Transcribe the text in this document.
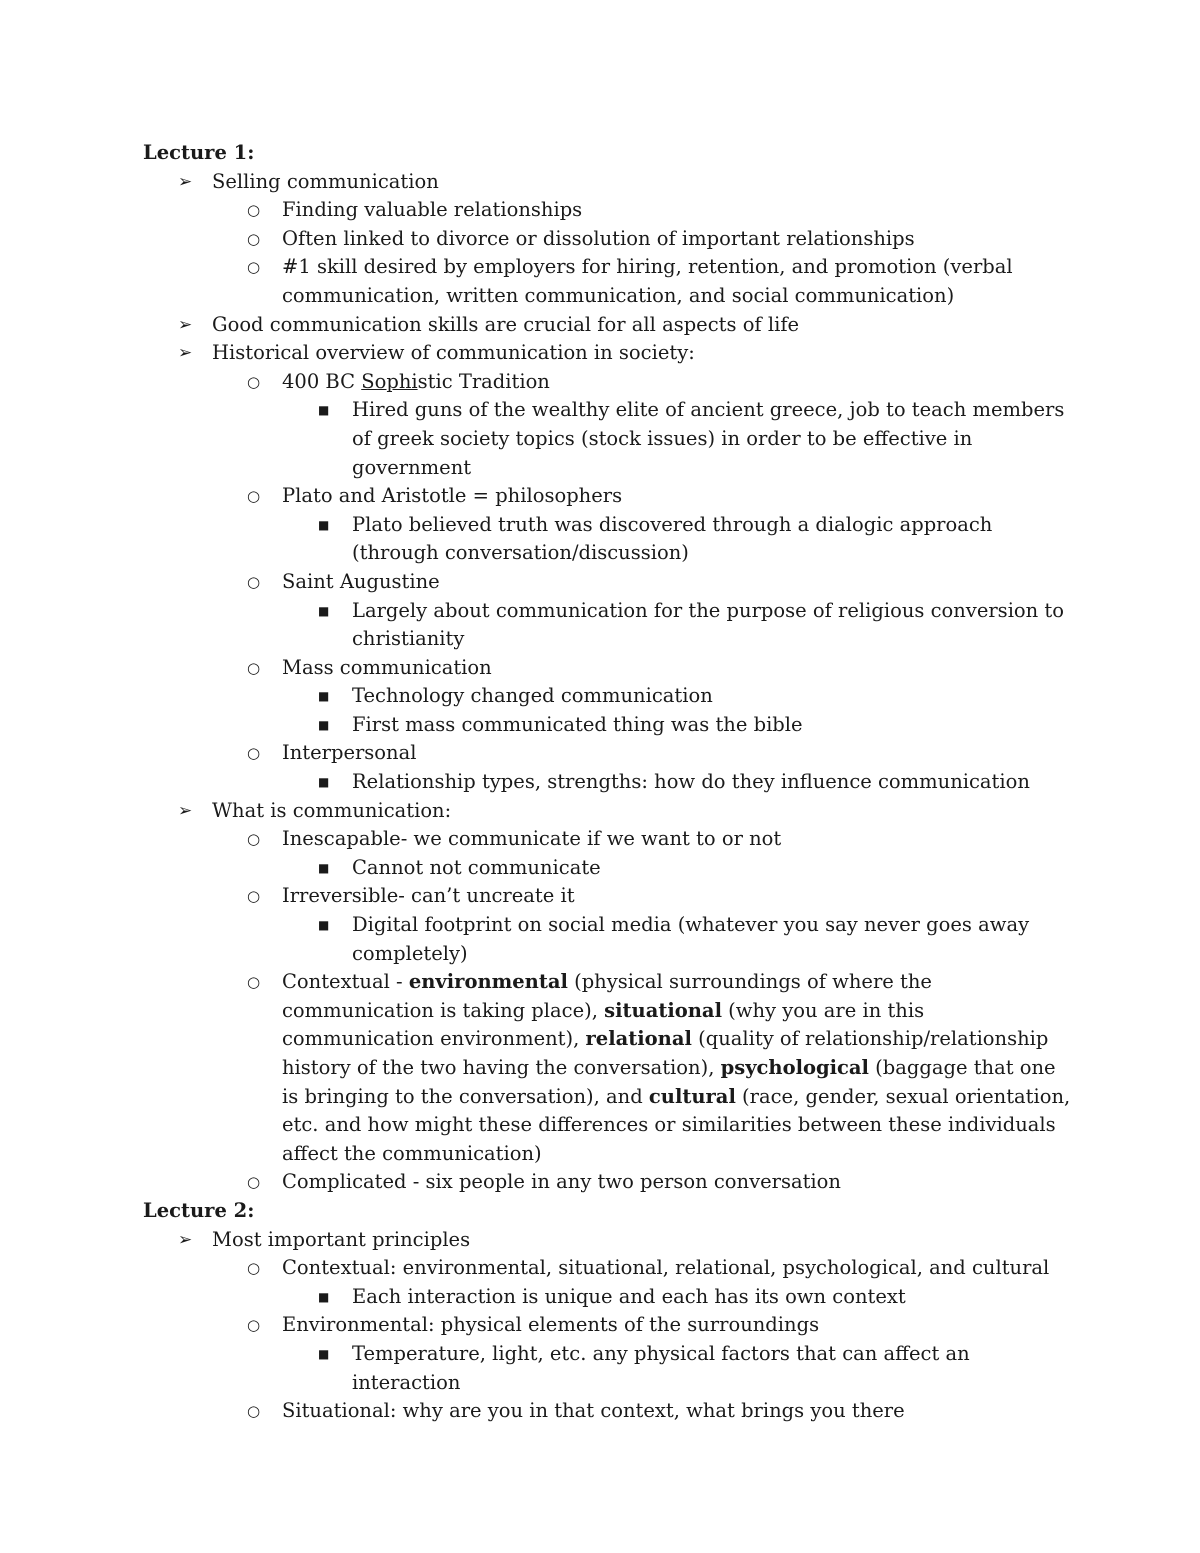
Lecture 1:
➢ Selling communication
○ Finding valuable relationships
○ Often linked to divorce or dissolution of important relationships
○ #1 skill desired by employers for hiring, retention, and promotion (verbal communication, written communication, and social communication)
➢ Good communication skills are crucial for all aspects of life
➢ Historical overview of communication in society:
○ 400 BC Sophistic Tradition
■ Hired guns of the wealthy elite of ancient greece, job to teach members of greek society topics (stock issues) in order to be effective in government
○ Plato and Aristotle = philosophers
■ Plato believed truth was discovered through a dialogic approach (through conversation/discussion)
○ Saint Augustine
■ Largely about communication for the purpose of religious conversion to christianity
○ Mass communication
■ Technology changed communication
■ First mass communicated thing was the bible
○ Interpersonal
■ Relationship types, strengths: how do they influence communication
➢ What is communication:
○ Inescapable- we communicate if we want to or not
■ Cannot not communicate
○ Irreversible- can’t uncreate it
■ Digital footprint on social media (whatever you say never goes away completely)
○ Contextual - environmental (physical surroundings of where the communication is taking place), situational (why you are in this communication environment), relational (quality of relationship/relationship history of the two having the conversation), psychological (baggage that one is bringing to the conversation), and cultural (race, gender, sexual orientation, etc. and how might these differences or similarities between these individuals affect the communication)
○ Complicated - six people in any two person conversation
Lecture 2:
➢ Most important principles
○ Contextual: environmental, situational, relational, psychological, and cultural
■ Each interaction is unique and each has its own context
○ Environmental: physical elements of the surroundings
■ Temperature, light, etc. any physical factors that can affect an interaction
○ Situational: why are you in that context, what brings you there
